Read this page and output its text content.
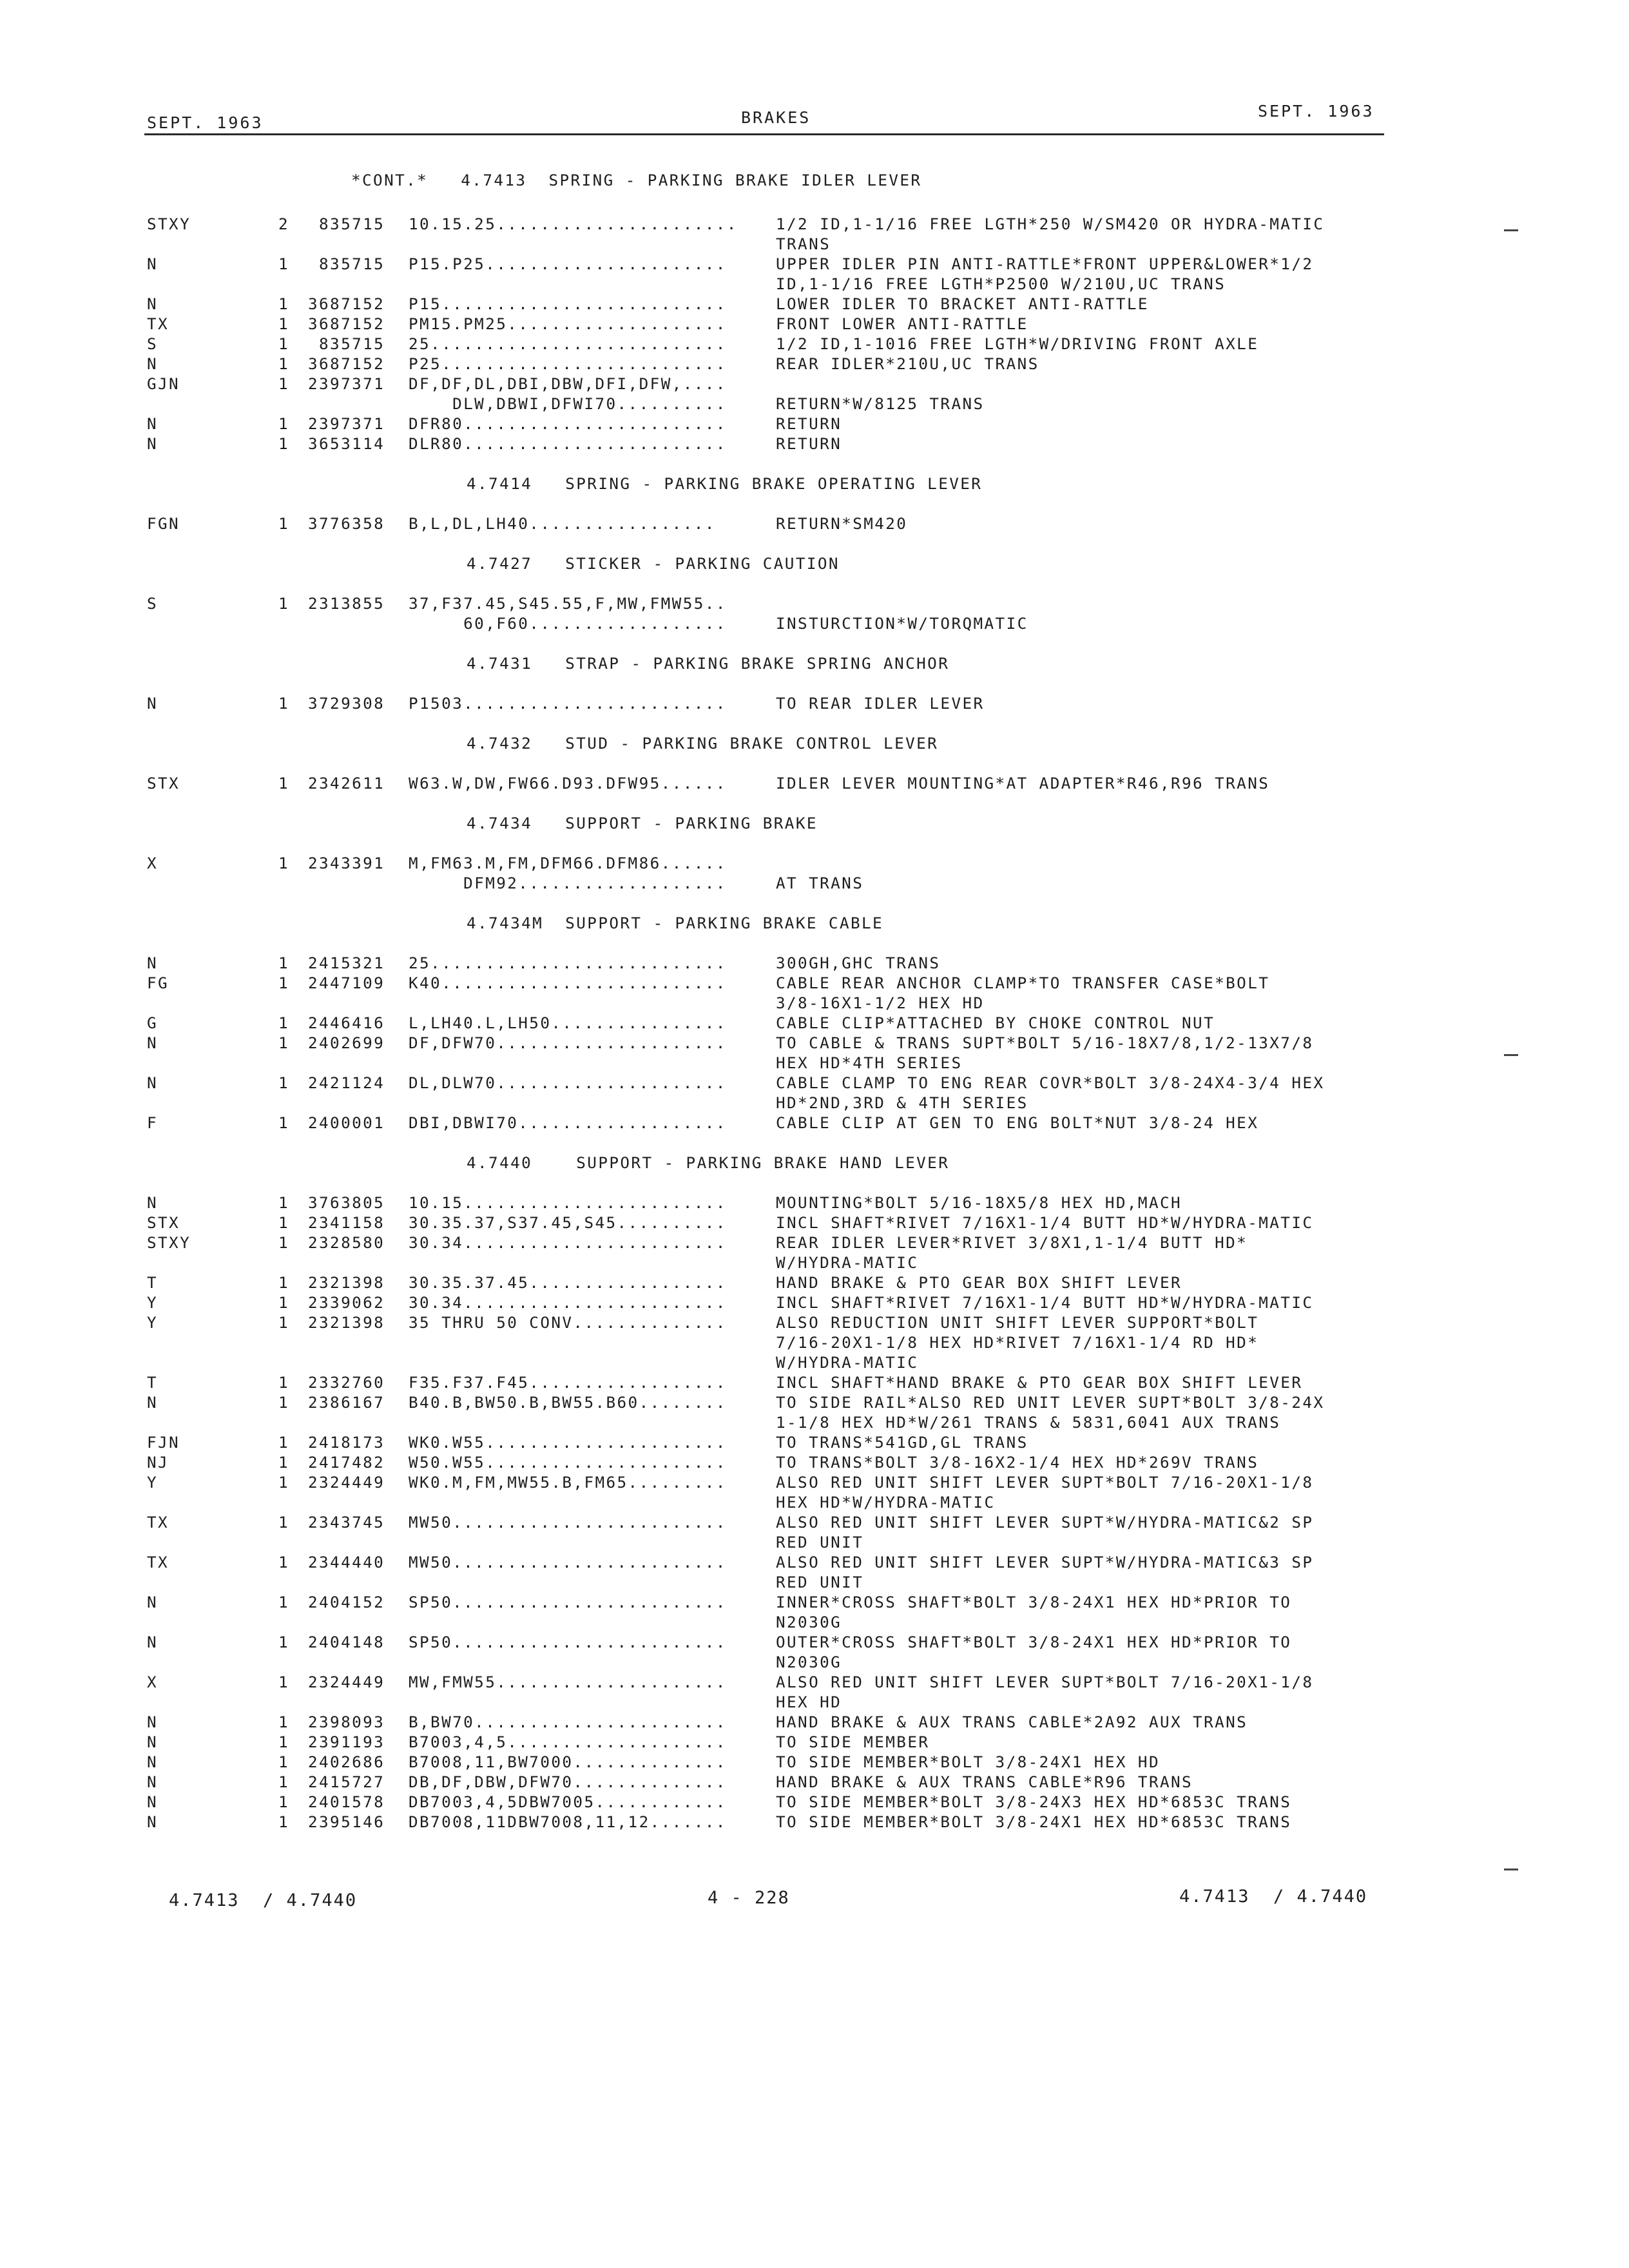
SEPT. 1963	BRAKES	SEPT. 1963
*CONT.*   4.7413  SPRING - PARKING BRAKE IDLER LEVER
STXY	2 835715 10.15.25...................... 1/2 ID,1-1/16 FREE LGTH*250 W/SM420 OR HYDRA-MATIC
TRANS
N	1 835715 P15.P25......................	UPPER IDLER PIN ANTI-RATTLE*FRONT UPPER&LOWER*1/2
ID,1-1/16 FREE LGTH*P2500 W/210U,UC TRANS
N	1 3687152 P15..........................	LOWER IDLER TO BRACKET ANTI-RATTLE
TX	1 3687152 PM15.PM25....................	FRONT LOWER ANTI-RATTLE
S	1 835715 25...........................	1/2 ID,1-1016 FREE LGTH*W/DRIVING FRONT AXLE
N	1 3687152 P25..........................	REAR IDLER*210U,UC TRANS
GJN	1 2397371 DF,DF,DL,DBI,DBW,DFI,DFW,....
DLW,DBWI,DFWI70..........	RETURN*W/8125 TRANS
N	1 2397371 DFR80........................	RETURN
N	1 3653114 DLR80........................	RETURN
4.7414   SPRING - PARKING BRAKE OPERATING LEVER
FGN	1 3776358 B,L,DL,LH40.................	RETURN*SM420
4.7427   STICKER - PARKING CAUTION
S	1 2313855 37,F37.45,S45.55,F,MW,FMW55..
60,F60..................	INSTURCTION*W/TORQMATIC
4.7431   STRAP - PARKING BRAKE SPRING ANCHOR
N	1 3729308 P1503........................	TO REAR IDLER LEVER
4.7432   STUD - PARKING BRAKE CONTROL LEVER
STX	1 2342611 W63.W,DW,FW66.D93.DFW95......	IDLER LEVER MOUNTING*AT ADAPTER*R46,R96 TRANS
4.7434   SUPPORT - PARKING BRAKE
X	1 2343391 M,FM63.M,FM,DFM66.DFM86......
DFM92...................	AT TRANS
4.7434M  SUPPORT - PARKING BRAKE CABLE
N	1 2415321 25...........................	300GH,GHC TRANS
FG	1 2447109 K40..........................	CABLE REAR ANCHOR CLAMP*TO TRANSFER CASE*BOLT
3/8-16X1-1/2 HEX HD
G	1 2446416 L,LH40.L,LH50................	CABLE CLIP*ATTACHED BY CHOKE CONTROL NUT
N	1 2402699 DF,DFW70.....................	TO CABLE & TRANS SUPT*BOLT 5/16-18X7/8,1/2-13X7/8
HEX HD*4TH SERIES
N	1 2421124 DL,DLW70.....................	CABLE CLAMP TO ENG REAR COVR*BOLT 3/8-24X4-3/4 HEX
HD*2ND,3RD & 4TH SERIES
F	1 2400001 DBI,DBWI70...................	CABLE CLIP AT GEN TO ENG BOLT*NUT 3/8-24 HEX
4.7440    SUPPORT - PARKING BRAKE HAND LEVER
N	1 3763805 10.15........................	MOUNTING*BOLT 5/16-18X5/8 HEX HD,MACH
STX	1 2341158 30.35.37,S37.45,S45..........	INCL SHAFT*RIVET 7/16X1-1/4 BUTT HD*W/HYDRA-MATIC
STXY	1 2328580 30.34........................	REAR IDLER LEVER*RIVET 3/8X1,1-1/4 BUTT HD*
W/HYDRA-MATIC
T	1 2321398 30.35.37.45..................	HAND BRAKE & PTO GEAR BOX SHIFT LEVER
Y	1 2339062 30.34........................	INCL SHAFT*RIVET 7/16X1-1/4 BUTT HD*W/HYDRA-MATIC
Y	1 2321398 35 THRU 50 CONV..............	ALSO REDUCTION UNIT SHIFT LEVER SUPPORT*BOLT
7/16-20X1-1/8 HEX HD*RIVET 7/16X1-1/4 RD HD*
W/HYDRA-MATIC
T	1 2332760 F35.F37.F45..................	INCL SHAFT*HAND BRAKE & PTO GEAR BOX SHIFT LEVER
N	1 2386167 B40.B,BW50.B,BW55.B60........	TO SIDE RAIL*ALSO RED UNIT LEVER SUPT*BOLT 3/8-24X
1-1/8 HEX HD*W/261 TRANS & 5831,6041 AUX TRANS
FJN	1 2418173 WK0.W55......................	TO TRANS*541GD,GL TRANS
NJ	1 2417482 W50.W55......................	TO TRANS*BOLT 3/8-16X2-1/4 HEX HD*269V TRANS
Y	1 2324449 WK0.M,FM,MW55.B,FM65.........	ALSO RED UNIT SHIFT LEVER SUPT*BOLT 7/16-20X1-1/8
HEX HD*W/HYDRA-MATIC
TX	1 2343745 MW50.........................	ALSO RED UNIT SHIFT LEVER SUPT*W/HYDRA-MATIC&2 SP
RED UNIT
TX	1 2344440 MW50.........................	ALSO RED UNIT SHIFT LEVER SUPT*W/HYDRA-MATIC&3 SP
RED UNIT
N	1 2404152 SP50.........................	INNER*CROSS SHAFT*BOLT 3/8-24X1 HEX HD*PRIOR TO
N2030G
N	1 2404148 SP50.........................	OUTER*CROSS SHAFT*BOLT 3/8-24X1 HEX HD*PRIOR TO
N2030G
X	1 2324449 MW,FMW55.....................	ALSO RED UNIT SHIFT LEVER SUPT*BOLT 7/16-20X1-1/8
HEX HD
N	1 2398093 B,BW70.......................	HAND BRAKE & AUX TRANS CABLE*2A92 AUX TRANS
N	1 2391193 B7003,4,5....................	TO SIDE MEMBER
N	1 2402686 B7008,11,BW7000..............	TO SIDE MEMBER*BOLT 3/8-24X1 HEX HD
N	1 2415727 DB,DF,DBW,DFW70..............	HAND BRAKE & AUX TRANS CABLE*R96 TRANS
N	1 2401578 DB7003,4,5DBW7005............	TO SIDE MEMBER*BOLT 3/8-24X3 HEX HD*6853C TRANS
N	1 2395146 DB7008,11DBW7008,11,12.......	TO SIDE MEMBER*BOLT 3/8-24X1 HEX HD*6853C TRANS
4.7413  / 4.7440	4 - 228	4.7413  / 4.7440
